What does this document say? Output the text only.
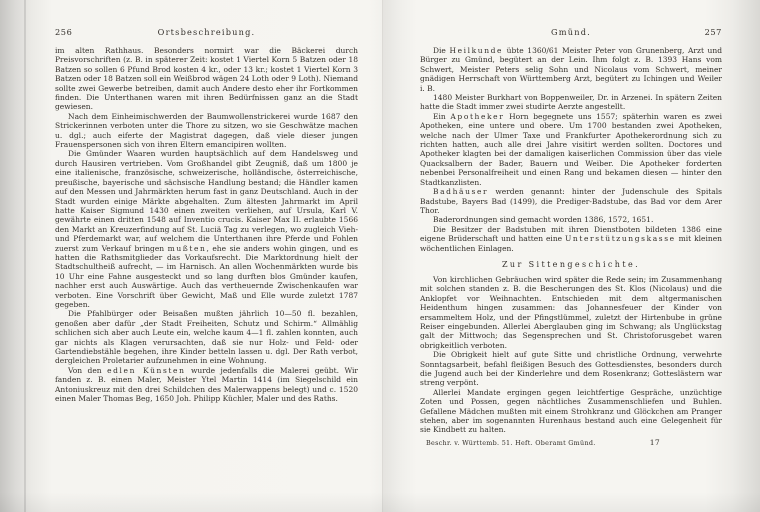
256	Ortsbeschreibung.

im alten Rathhaus. Besonders normirt war die Bäckerei durch Preisvorschriften (z. B. in späterer Zeit: kostet 1 Viertel Korn 5 Batzen oder 18 Batzen so sollen 6 Pfund Brod kosten 4 kr., oder 13 kr.; kostet 1 Viertel Korn 3 Batzen oder 18 Batzen soll ein Weißbrod wägen 24 Loth oder 9 Loth). Niemand sollte zwei Gewerbe betreiben, damit auch Andere desto eher ihr Fortkommen finden. Die Unterthanen waren mit ihren Bedürfnissen ganz an die Stadt gewiesen.

Nach dem Einheimischwerden der Baumwollenstrickerei wurde 1687 den Strickerinnen verboten unter die Thore zu sitzen, wo sie Geschwätze machen u. dgl.; auch eiferte der Magistrat dagegen, daß viele dieser jungen Frauenspersonen sich von ihren Eltern emancipiren wollten.

Die Gmünder Waaren wurden hauptsächlich auf dem Handelsweg und durch Hausiren vertrieben. Vom Großhandel gibt Zeugniß, daß um 1800 je eine italienische, französische, schweizerische, holländische, österreichische, preußische, bayerische und sächsische Handlung bestand; die Händler kamen auf den Messen und Jahrmärkten herum fast in ganz Deutschland. Auch in der Stadt wurden einige Märkte abgehalten. Zum ältesten Jahrmarkt im April hatte Kaiser Sigmund 1430 einen zweiten verliehen, auf Ursula, Karl V. gewährte einen dritten 1548 auf Inventio crucis. Kaiser Max II. erlaubte 1566 den Markt an Kreuzerfindung auf St. Luciä Tag zu verlegen, wo zugleich Vieh- und Pferdemarkt war, auf welchem die Unterthanen ihre Pferde und Fohlen zuerst zum Verkauf bringen mußten, ehe sie anders wohin gingen, und es hatten die Rathsmitglieder das Vorkaufsrecht. Die Marktordnung hielt der Stadtschultheiß aufrecht, — im Harnisch. An allen Wochenmärkten wurde bis 10 Uhr eine Fahne ausgesteckt und so lang durften blos Gmünder kaufen, nachher erst auch Auswärtige. Auch das vertheuernde Zwischenkaufen war verboten. Eine Vorschrift über Gewicht, Maß und Elle wurde zuletzt 1787 gegeben.

Die Pfahlbürger oder Beisaßen mußten jährlich 10—50 fl. bezahlen, genoßen aber dafür „der Stadt Freiheiten, Schutz und Schirm.“ Allmählig schlichen sich aber auch Leute ein, welche kaum 4—1 fl. zahlen konnten, auch gar nichts als Klagen verursachten, daß sie nur Holz- und Feld- oder Gartendiebstähle begehen, ihre Kinder betteln lassen u. dgl. Der Rath verbot, dergleichen Proletarier aufzunehmen in eine Wohnung.

Von den edlen Künsten wurde jedenfalls die Malerei geübt. Wir fanden z. B. einen Maler, Meister Ytel Martin 1414 (im Siegelschild ein Antoniuskreuz mit den drei Schildchen des Malerwappens belegt) und c. 1520 einen Maler Thomas Beg, 1650 Joh. Philipp Küchler, Maler und des Raths.

Gmünd.	257

Die Heilkunde übte 1360/61 Meister Peter von Grunenberg, Arzt und Bürger zu Gmünd, begütert an der Lein. Ihm folgt z. B. 1393 Hans vom Schwert, Meister Peters selig Sohn und Nicolaus vom Schwert, meiner gnädigen Herrschaft von Württemberg Arzt, begütert zu Ichingen und Weiler i. B.

1480 Meister Burkhart von Boppenweiler, Dr. in Arzenei. In spätern Zeiten hatte die Stadt immer zwei studirte Aerzte angestellt.

Ein Apotheker Horn begegnete uns 1557; späterhin waren es zwei Apotheken, eine untere und obere. Um 1700 bestanden zwei Apotheken, welche nach der Ulmer Taxe und Frankfurter Apothekerordnung sich zu richten hatten, auch alle drei Jahre visitirt werden sollten. Doctores und Apotheker klagten bei der damaligen kaiserlichen Commission über das viele Quacksalbern der Bader, Bauern und Weiber. Die Apotheker forderten nebenbei Personalfreiheit und einen Rang und bekamen diesen — hinter den Stadtkanzlisten.

Badhäuser werden genannt: hinter der Judenschule des Spitals Badstube, Bayers Bad (1499), die Prediger-Badstube, das Bad vor dem Arer Thor.

Baderordnungen sind gemacht worden 1386, 1572, 1651.

Die Besitzer der Badstuben mit ihren Dienstboten bildeten 1386 eine eigene Brüderschaft und hatten eine Unterstützungskasse mit kleinen wöchentlichen Einlagen.

Zur Sittengeschichte.

Von kirchlichen Gebräuchen wird später die Rede sein; im Zusammenhang mit solchen standen z. B. die Bescherungen des St. Klos (Nicolaus) und die Anklopfet vor Weihnachten. Entschieden mit dem altgermanischen Heidenthum hingen zusammen: das Johannesfeuer der Kinder von ersammeltem Holz, und der Pfingstlümmel, zuletzt der Hirtenbube in grüne Reiser eingebunden. Allerlei Aberglauben ging im Schwang; als Unglückstag galt der Mittwoch; das Segensprechen und St. Christoforusgebet waren obrigkeitlich verboten.

Die Obrigkeit hielt auf gute Sitte und christliche Ordnung, verwehrte Sonntagsarbeit, befahl fleißigen Besuch des Gottesdienstes, besonders durch die Jugend auch bei der Kinderlehre und dem Rosenkranz; Gotteslästern war streng verpönt.

Allerlei Mandate ergingen gegen leichtfertige Gespräche, unzüchtige Zoten und Possen, gegen nächtliches Zusammenschliefen und Buhlen. Gefallene Mädchen mußten mit einem Strohkranz und Glöckchen am Pranger stehen, aber im sogenannten Hurenhaus bestand auch eine Gelegenheit für sie Kindbett zu halten.

Beschr. v. Württemb. 51. Heft. Oberamt Gmünd.	17
